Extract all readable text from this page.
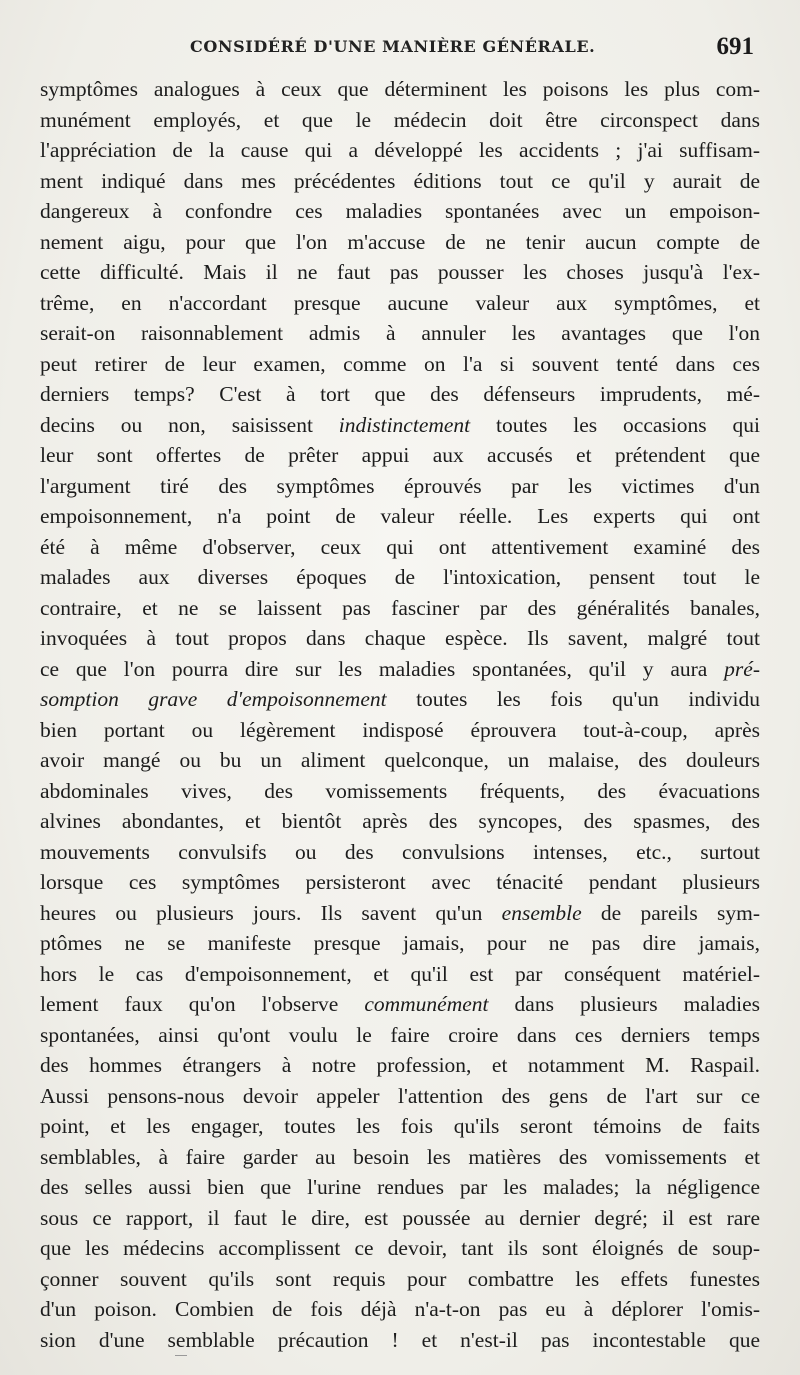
CONSIDÉRÉ D'UNE MANIÈRE GÉNÉRALE.	691
symptômes analogues à ceux que déterminent les poisons les plus com-
munément employés, et que le médecin doit être circonspect dans
l'appréciation de la cause qui a développé les accidents ; j'ai suffisam-
ment indiqué dans mes précédentes éditions tout ce qu'il y aurait de
dangereux à confondre ces maladies spontanées avec un empoison-
nement aigu, pour que l'on m'accuse de ne tenir aucun compte de
cette difficulté. Mais il ne faut pas pousser les choses jusqu'à l'ex-
trême, en n'accordant presque aucune valeur aux symptômes, et
serait-on raisonnablement admis à annuler les avantages que l'on
peut retirer de leur examen, comme on l'a si souvent tenté dans ces
derniers temps? C'est à tort que des défenseurs imprudents, mé-
decins ou non, saisissent indistinctement toutes les occasions qui
leur sont offertes de prêter appui aux accusés et prétendent que
l'argument tiré des symptômes éprouvés par les victimes d'un
empoisonnement, n'a point de valeur réelle. Les experts qui ont
été à même d'observer, ceux qui ont attentivement examiné des
malades aux diverses époques de l'intoxication, pensent tout le
contraire, et ne se laissent pas fasciner par des généralités banales,
invoquées à tout propos dans chaque espèce. Ils savent, malgré tout
ce que l'on pourra dire sur les maladies spontanées, qu'il y aura pré-
somption grave d'empoisonnement toutes les fois qu'un individu
bien portant ou légèrement indisposé éprouvera tout-à-coup, après
avoir mangé ou bu un aliment quelconque, un malaise, des douleurs
abdominales vives, des vomissements fréquents, des évacuations
alvines abondantes, et bientôt après des syncopes, des spasmes, des
mouvements convulsifs ou des convulsions intenses, etc., surtout
lorsque ces symptômes persisteront avec ténacité pendant plusieurs
heures ou plusieurs jours. Ils savent qu'un ensemble de pareils sym-
ptômes ne se manifeste presque jamais, pour ne pas dire jamais,
hors le cas d'empoisonnement, et qu'il est par conséquent matériel-
lement faux qu'on l'observe communément dans plusieurs maladies
spontanées, ainsi qu'ont voulu le faire croire dans ces derniers temps
des hommes étrangers à notre profession, et notamment M. Raspail.
Aussi pensons-nous devoir appeler l'attention des gens de l'art sur ce
point, et les engager, toutes les fois qu'ils seront témoins de faits
semblables, à faire garder au besoin les matières des vomissements et
des selles aussi bien que l'urine rendues par les malades; la négligence
sous ce rapport, il faut le dire, est poussée au dernier degré; il est rare
que les médecins accomplissent ce devoir, tant ils sont éloignés de soup-
çonner souvent qu'ils sont requis pour combattre les effets funestes
d'un poison. Combien de fois déjà n'a-t-on pas eu à déplorer l'omis-
sion d'une semblable précaution ! et n'est-il pas incontestable que
